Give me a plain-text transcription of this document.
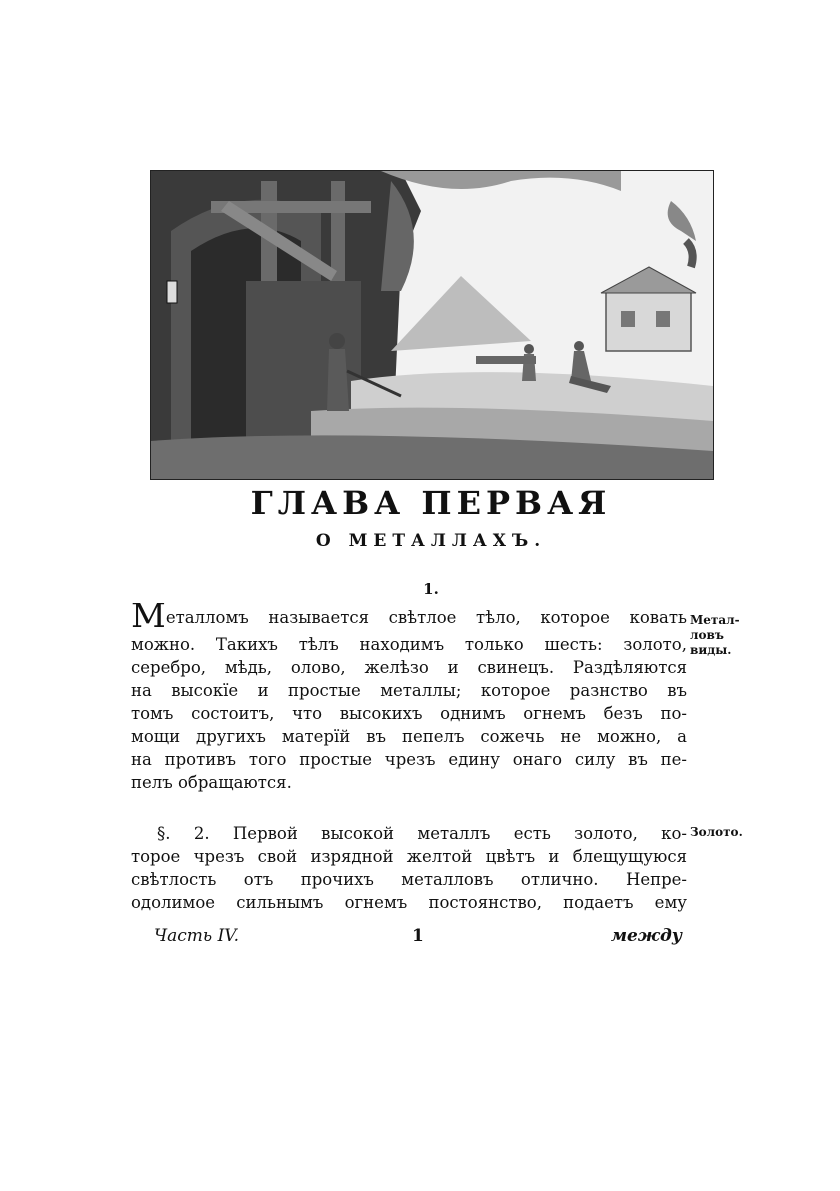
ГЛАВА ПЕРВАЯ
О МЕТАЛЛАХЪ.
1.
Металломъ называется свѣтлое тѣло, которое ковать
можно. Такихъ тѣлъ находимъ только шесть: золото,
серебро, мѣдь, олово, желѣзо и свинецъ. Раздѣляются
на высокїе и простые металлы; которое разнство въ
томъ состоитъ, что высокихъ однимъ огнемъ безъ по-
мощи другихъ матерїй въ пепелъ сожечь не можно, а
на противъ того простые чрезъ едину онаго силу въ пе-
пелъ обращаются.
§. 2. Первой высокой металлъ есть золото, ко-
торое чрезъ свой изрядной желтой цвѣтъ и блещущуюся
свѣтлость отъ прочихъ металловъ отлично. Непре-
одолимое сильнымъ огнемъ постоянство, подаетъ ему
Метал-
ловъ
виды.
Золото.
Часть IV.	1	между
